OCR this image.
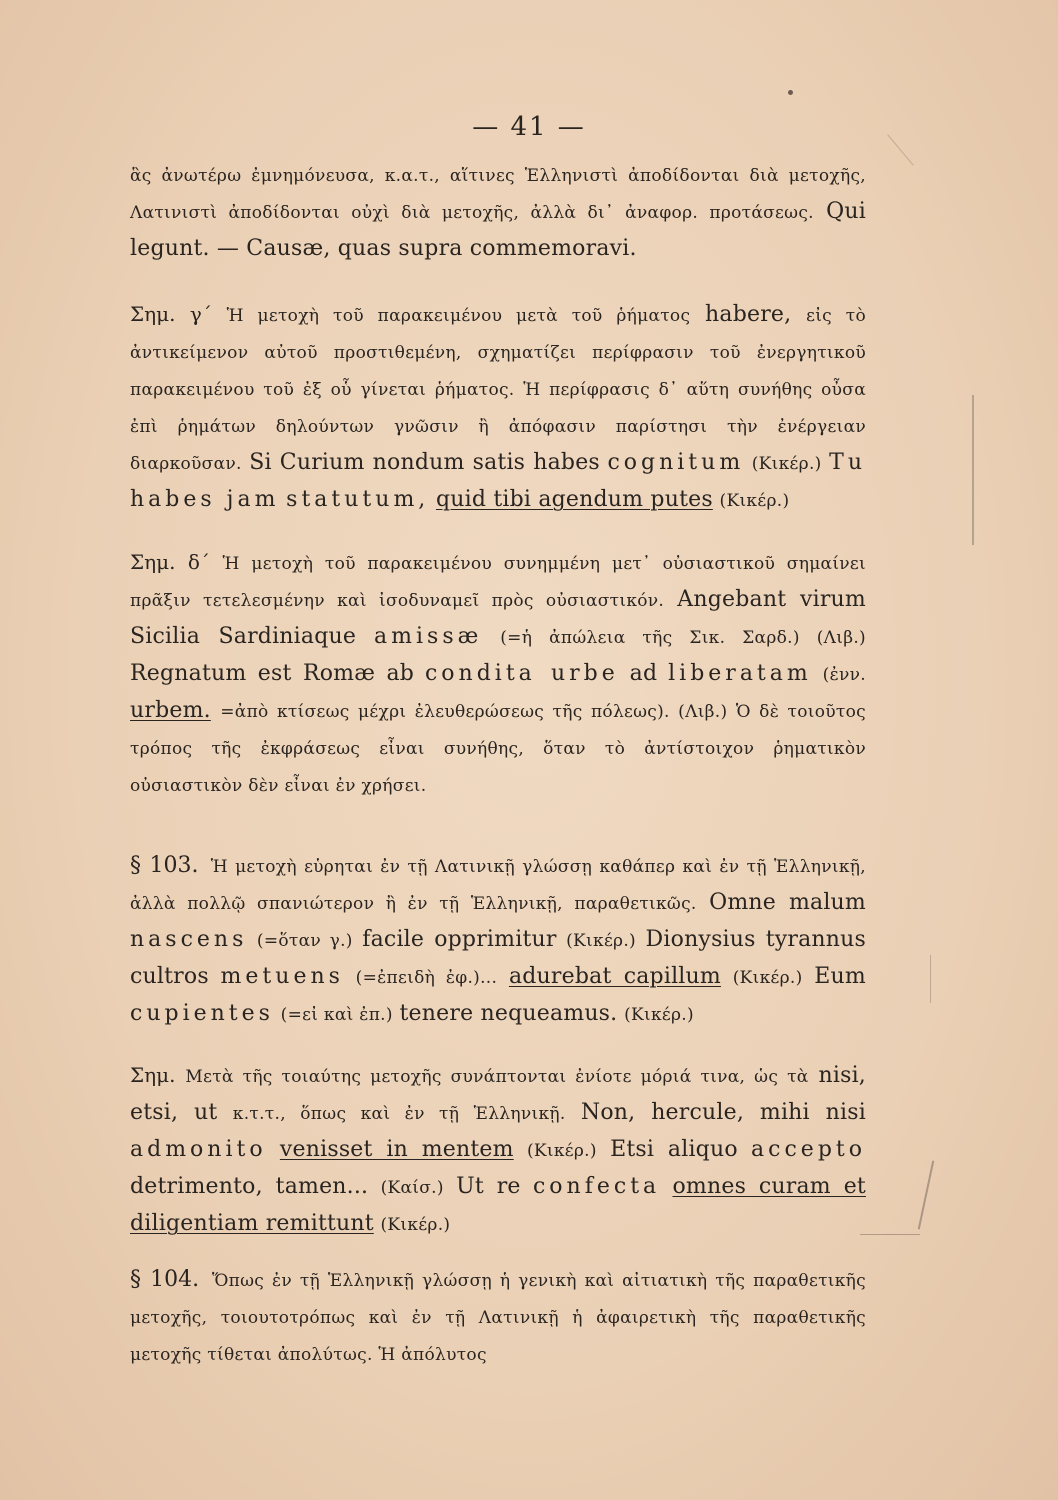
— 41 —

ἃς ἀνωτέρω ἐμνημόνευσα, κ.α.τ., αἵτινες Ἑλληνιστὶ ἀποδίδονται διὰ μετοχῆς, Λατινιστὶ ἀποδίδονται οὐχὶ διὰ μετοχῆς, ἀλλὰ δι᾽ ἀναφορ. προτάσεως. Qui legunt. — Causæ, quas supra commemoravi.

Σημ. γ´ Ἡ μετοχὴ τοῦ παρακειμένου μετὰ τοῦ ῥήματος habere, εἰς τὸ ἀντικείμενον αὐτοῦ προστιθεμένη, σχηματίζει περίφρασιν τοῦ ἐνεργητικοῦ παρακειμένου τοῦ ἐξ οὗ γίνεται ῥήματος. Ἡ περίφρασις δ᾽ αὕτη συνήθης οὖσα ἐπὶ ῥημάτων δηλούντων γνῶσιν ἢ ἀπόφασιν παρίστησι τὴν ἐνέργειαν διαρκοῦσαν. Si Curium nondum satis habes cognitum (Κικέρ.) Tu habes jam statutum, quid tibi agendum putes (Κικέρ.)

Σημ. δ´ Ἡ μετοχὴ τοῦ παρακειμένου συνημμένη μετ᾽ οὐσιαστικοῦ σημαίνει πρᾶξιν τετελεσμένην καὶ ἰσοδυναμεῖ πρὸς οὐσιαστικόν. Angebant virum Sicilia Sardiniaque amissæ (=ἡ ἀπώλεια τῆς Σικ. Σαρδ.) (Λιβ.) Regnatum est Romæ ab condita urbe ad liberatam (ἐνν. urbem. =ἀπὸ κτίσεως μέχρι ἐλευθερώσεως τῆς πόλεως). (Λιβ.) Ὁ δὲ τοιοῦτος τρόπος τῆς ἐκφράσεως εἶναι συνήθης, ὅταν τὸ ἀντίστοιχον ῥηματικὸν οὐσιαστικὸν δὲν εἶναι ἐν χρήσει.

§ 103. Ἡ μετοχὴ εὑρηται ἐν τῇ Λατινικῇ γλώσσῃ καθάπερ καὶ ἐν τῇ Ἑλληνικῇ, ἀλλὰ πολλῷ σπανιώτερον ἢ ἐν τῇ Ἑλληνικῇ, παραθετικῶς. Omne malum nascens (=ὅταν γ.) facile opprimitur (Κικέρ.) Dionysius tyrannus cultros metuens (=ἐπειδὴ ἐφ.)... adurebat capillum (Κικέρ.) Eum cupientes (=εἰ καὶ ἐπ.) tenere nequeamus. (Κικέρ.)

Σημ. Μετὰ τῆς τοιαύτης μετοχῆς συνάπτονται ἐνίοτε μόριά τινα, ὡς τὰ nisi, etsi, ut κ.τ.τ., ὅπως καὶ ἐν τῇ Ἑλληνικῇ. Non, hercule, mihi nisi admonito venisset in mentem (Κικέρ.) Etsi aliquo accepto detrimento, tamen... (Καίσ.) Ut re confecta omnes curam et diligentiam remittunt (Κικέρ.)

§ 104. Ὅπως ἐν τῇ Ἑλληνικῇ γλώσσῃ ἡ γενικὴ καὶ αἰτιατικὴ τῆς παραθετικῆς μετοχῆς, τοιουτοτρόπως καὶ ἐν τῇ Λατινικῇ ἡ ἀφαιρετικὴ τῆς παραθετικῆς μετοχῆς τίθεται ἀπολύτως. Ἡ ἀπόλυτος
